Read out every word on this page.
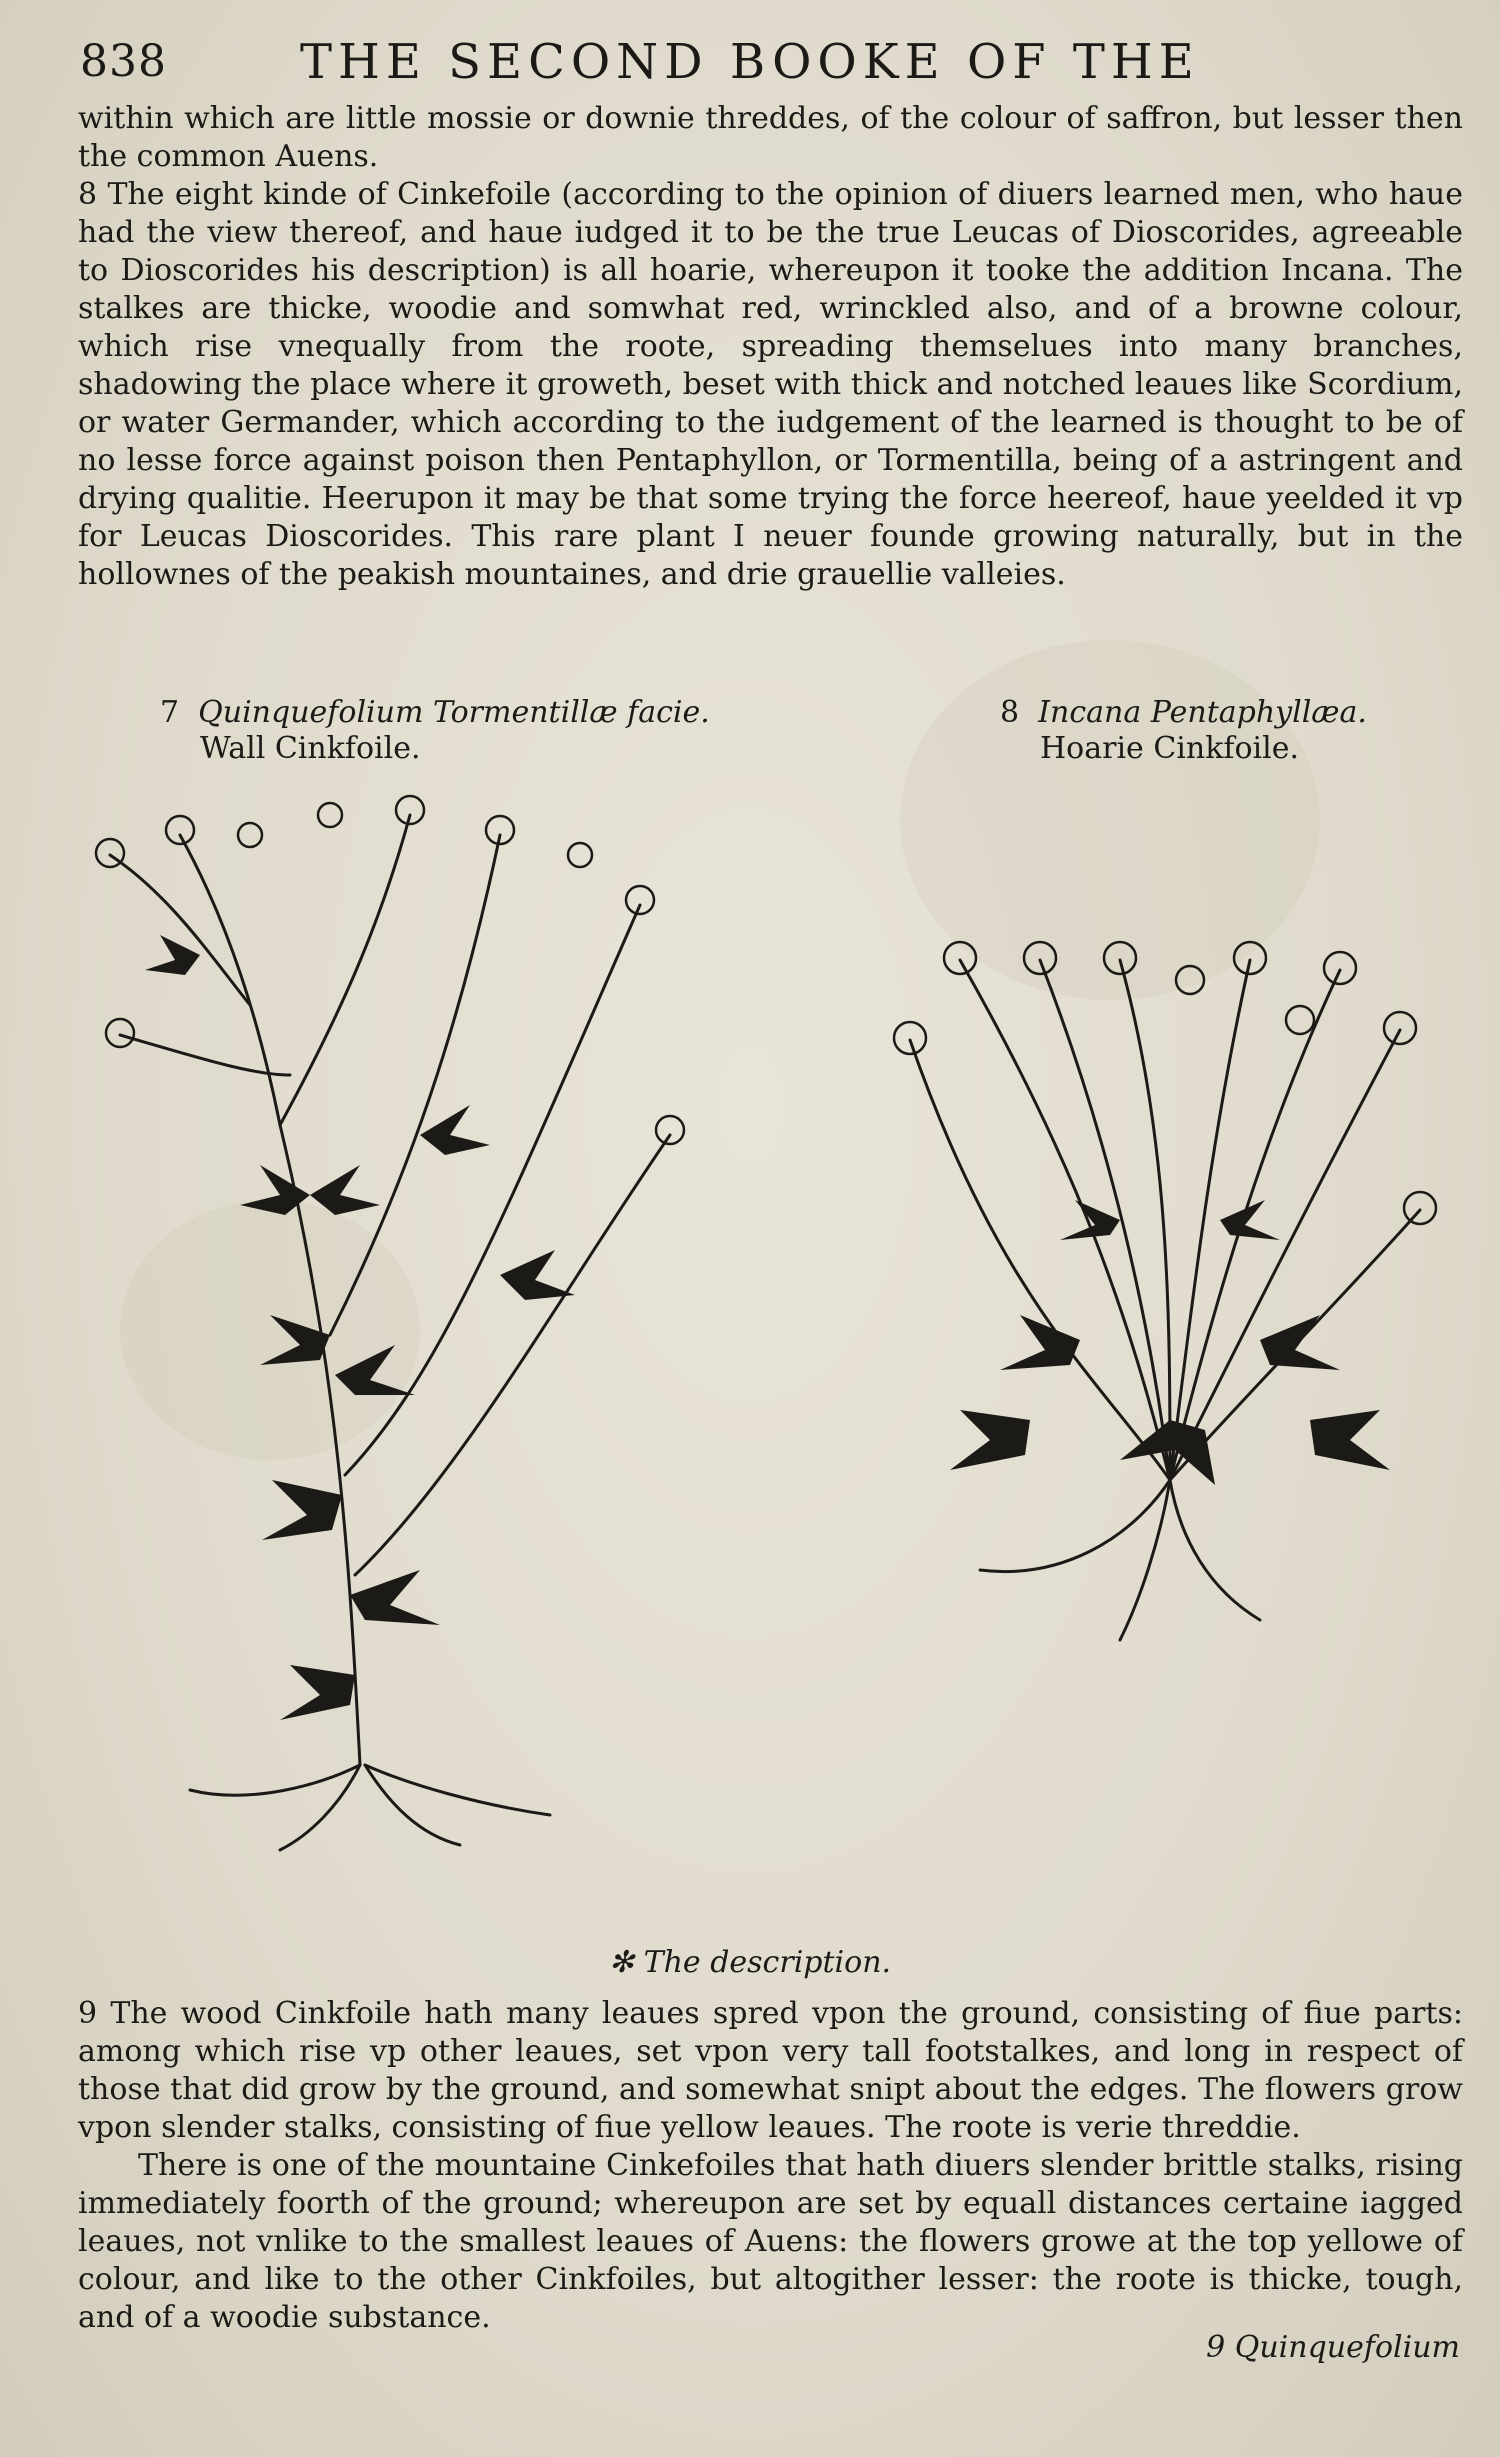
838	THE SECOND BOOKE OF THE

within which are little mossie or downie threddes, of the colour of saffron, but lesser then the common Auens.

8 The eight kinde of Cinkefoile (according to the opinion of diuers learned men, who haue had the view thereof, and haue iudged it to be the true Leucas of Dioscorides, agreeable to Dioscorides his description) is all hoarie, whereupon it tooke the addition Incana. The stalkes are thicke, woodie and somwhat red, wrinckled also, and of a browne colour, which rise vnequally from the roote, spreading themselues into many branches, shadowing the place where it groweth, beset with thick and notched leaues like Scordium, or water Germander, which according to the iudgement of the learned is thought to be of no lesse force against poison then Pentaphyllon, or Tormentilla, being of a astringent and drying qualitie. Heerupon it may be that some trying the force heereof, haue yeelded it vp for Leucas Dioscorides. This rare plant I neuer founde growing naturally, but in the hollownes of the peakish mountaines, and drie grauellie valleies.

7 Quinquefolium Tormentillæ facie.
Wall Cinkfoile.
8 Incana Pentaphyllæa.
Hoarie Cinkfoile.
✻ The description.

9 The wood Cinkfoile hath many leaues spred vpon the ground, consisting of fiue parts: among which rise vp other leaues, set vpon very tall footstalkes, and long in respect of those that did grow by the ground, and somewhat snipt about the edges. The flowers grow vpon slender stalks, consisting of fiue yellow leaues. The roote is verie threddie.

There is one of the mountaine Cinkefoiles that hath diuers slender brittle stalks, rising immediately foorth of the ground; whereupon are set by equall distances certaine iagged leaues, not vnlike to the smallest leaues of Auens: the flowers growe at the top yellowe of colour, and like to the other Cinkfoiles, but altogither lesser: the roote is thicke, tough, and of a woodie substance.

9 Quinquefolium
